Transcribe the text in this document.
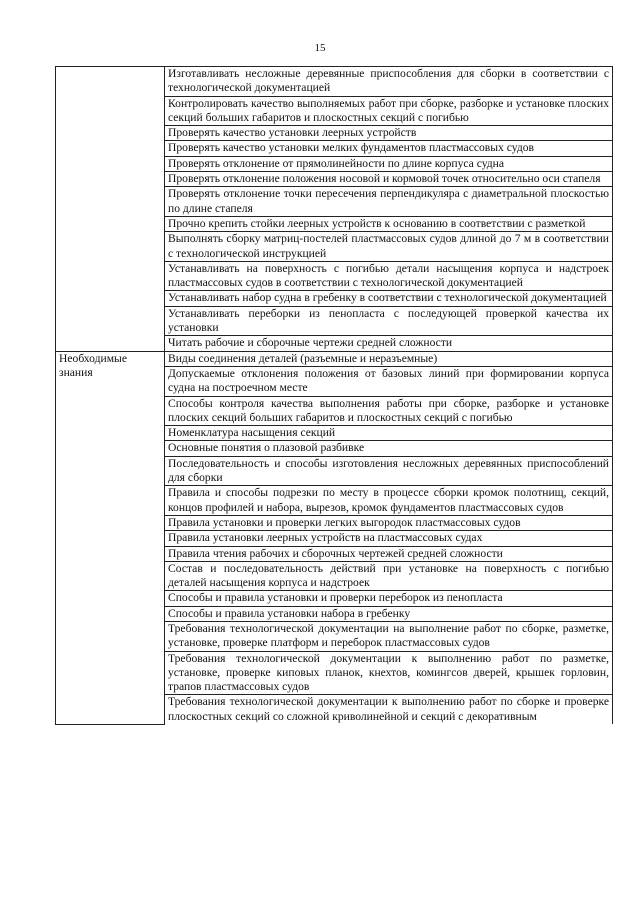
15
	Изготавливать несложные деревянные приспособления для сборки в соответствии с технологической документацией
	Контролировать качество выполняемых работ при сборке, разборке и установке плоских секций больших габаритов и плоскостных секций с погибью
	Проверять качество установки леерных устройств
	Проверять качество установки мелких фундаментов пластмассовых судов
	Проверять отклонение от прямолинейности по длине корпуса судна
	Проверять отклонение положения носовой и кормовой точек относительно оси стапеля
	Проверять отклонение точки пересечения перпендикуляра с диаметральной плоскостью по длине стапеля
	Прочно крепить стойки леерных устройств к основанию в соответствии с разметкой
	Выполнять сборку матриц-постелей пластмассовых судов длиной до 7 м в соответствии с технологической инструкцией
	Устанавливать на поверхность с погибью детали насыщения корпуса и надстроек пластмассовых судов в соответствии с технологической документацией
	Устанавливать набор судна в гребенку в соответствии с технологической документацией
	Устанавливать переборки из пенопласта с последующей проверкой качества их установки
	Читать рабочие и сборочные чертежи средней сложности
Необходимые знания	Виды соединения деталей (разъемные и неразъемные)
	Допускаемые отклонения положения от базовых линий при формировании корпуса судна на построечном месте
	Способы контроля качества выполнения работы при сборке, разборке и установке плоских секций больших габаритов и плоскостных секций с погибью
	Номенклатура насыщения секций
	Основные понятия о плазовой разбивке
	Последовательность и способы изготовления несложных деревянных приспособлений для сборки
	Правила и способы подрезки по месту в процессе сборки кромок полотнищ, секций, концов профилей и набора, вырезов, кромок фундаментов пластмассовых судов
	Правила установки и проверки легких выгородок пластмассовых судов
	Правила установки леерных устройств на пластмассовых судах
	Правила чтения рабочих и сборочных чертежей средней сложности
	Состав и последовательность действий при установке на поверхность с погибью деталей насыщения корпуса и надстроек
	Способы и правила установки и проверки переборок из пенопласта
	Способы и правила установки набора в гребенку
	Требования технологической документации на выполнение работ по сборке, разметке, установке, проверке платформ и переборок пластмассовых судов
	Требования технологической документации к выполнению работ по разметке, установке, проверке киповых планок, кнехтов, комингсов дверей, крышек горловин, трапов пластмассовых судов
	Требования технологической документации к выполнению работ по сборке и проверке плоскостных секций со сложной криволинейной и секций с декоративным
